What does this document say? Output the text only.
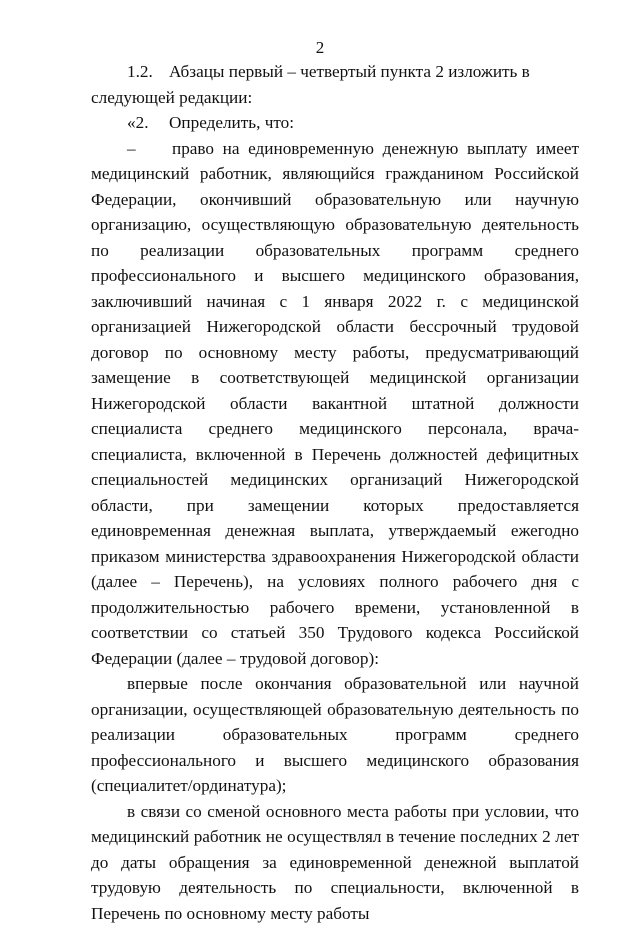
2

1.2. Абзацы первый – четвертый пункта 2 изложить в следующей редакции:

«2. Определить, что:

– право на единовременную денежную выплату имеет медицинский работник, являющийся гражданином Российской Федерации, окончивший образовательную или научную организацию, осуществляющую образовательную деятельность по реализации образовательных программ среднего профессионального и высшего медицинского образования, заключивший начиная с 1 января 2022 г. с медицинской организацией Нижегородской области бессрочный трудовой договор по основному месту работы, предусматривающий замещение в соответствующей медицинской организации Нижегородской области вакантной штатной должности специалиста среднего медицинского персонала, врача-специалиста, включенной в Перечень должностей дефицитных специальностей медицинских организаций Нижегородской области, при замещении которых предоставляется единовременная денежная выплата, утверждаемый ежегодно приказом министерства здравоохранения Нижегородской области (далее – Перечень), на условиях полного рабочего дня с продолжительностью рабочего времени, установленной в соответствии со статьей 350 Трудового кодекса Российской Федерации (далее – трудовой договор):

впервые после окончания образовательной или научной организации, осуществляющей образовательную деятельность по реализации образовательных программ среднего профессионального и высшего медицинского образования (специалитет/ординатура);

в связи со сменой основного места работы при условии, что медицинский работник не осуществлял в течение последних 2 лет до даты обращения за единовременной денежной выплатой трудовую деятельность по специальности, включенной в Перечень по основному месту работы
